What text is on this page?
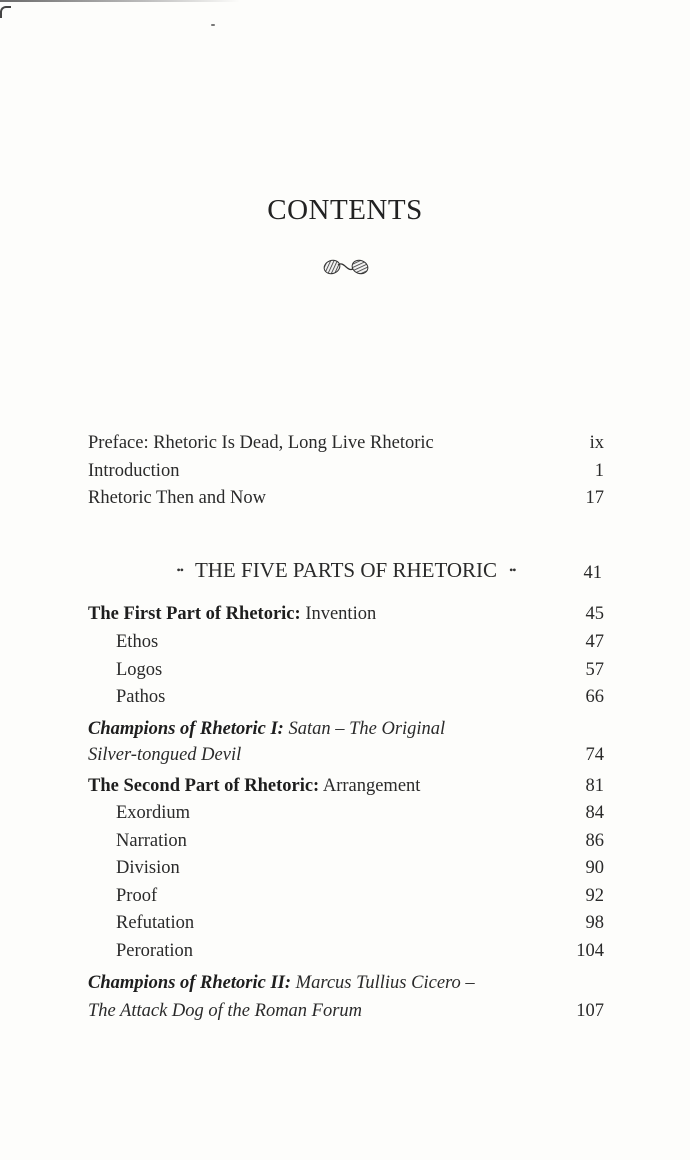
CONTENTS
Preface: Rhetoric Is Dead, Long Live Rhetoric	ix
Introduction	1
Rhetoric Then and Now	17
•• THE FIVE PARTS OF RHETORIC ••	41
The First Part of Rhetoric: Invention	45
Ethos	47
Logos	57
Pathos	66
Champions of Rhetoric I: Satan – The Original
Silver-tongued Devil	74
The Second Part of Rhetoric: Arrangement	81
Exordium	84
Narration	86
Division	90
Proof	92
Refutation	98
Peroration	104
Champions of Rhetoric II: Marcus Tullius Cicero –
The Attack Dog of the Roman Forum	107
